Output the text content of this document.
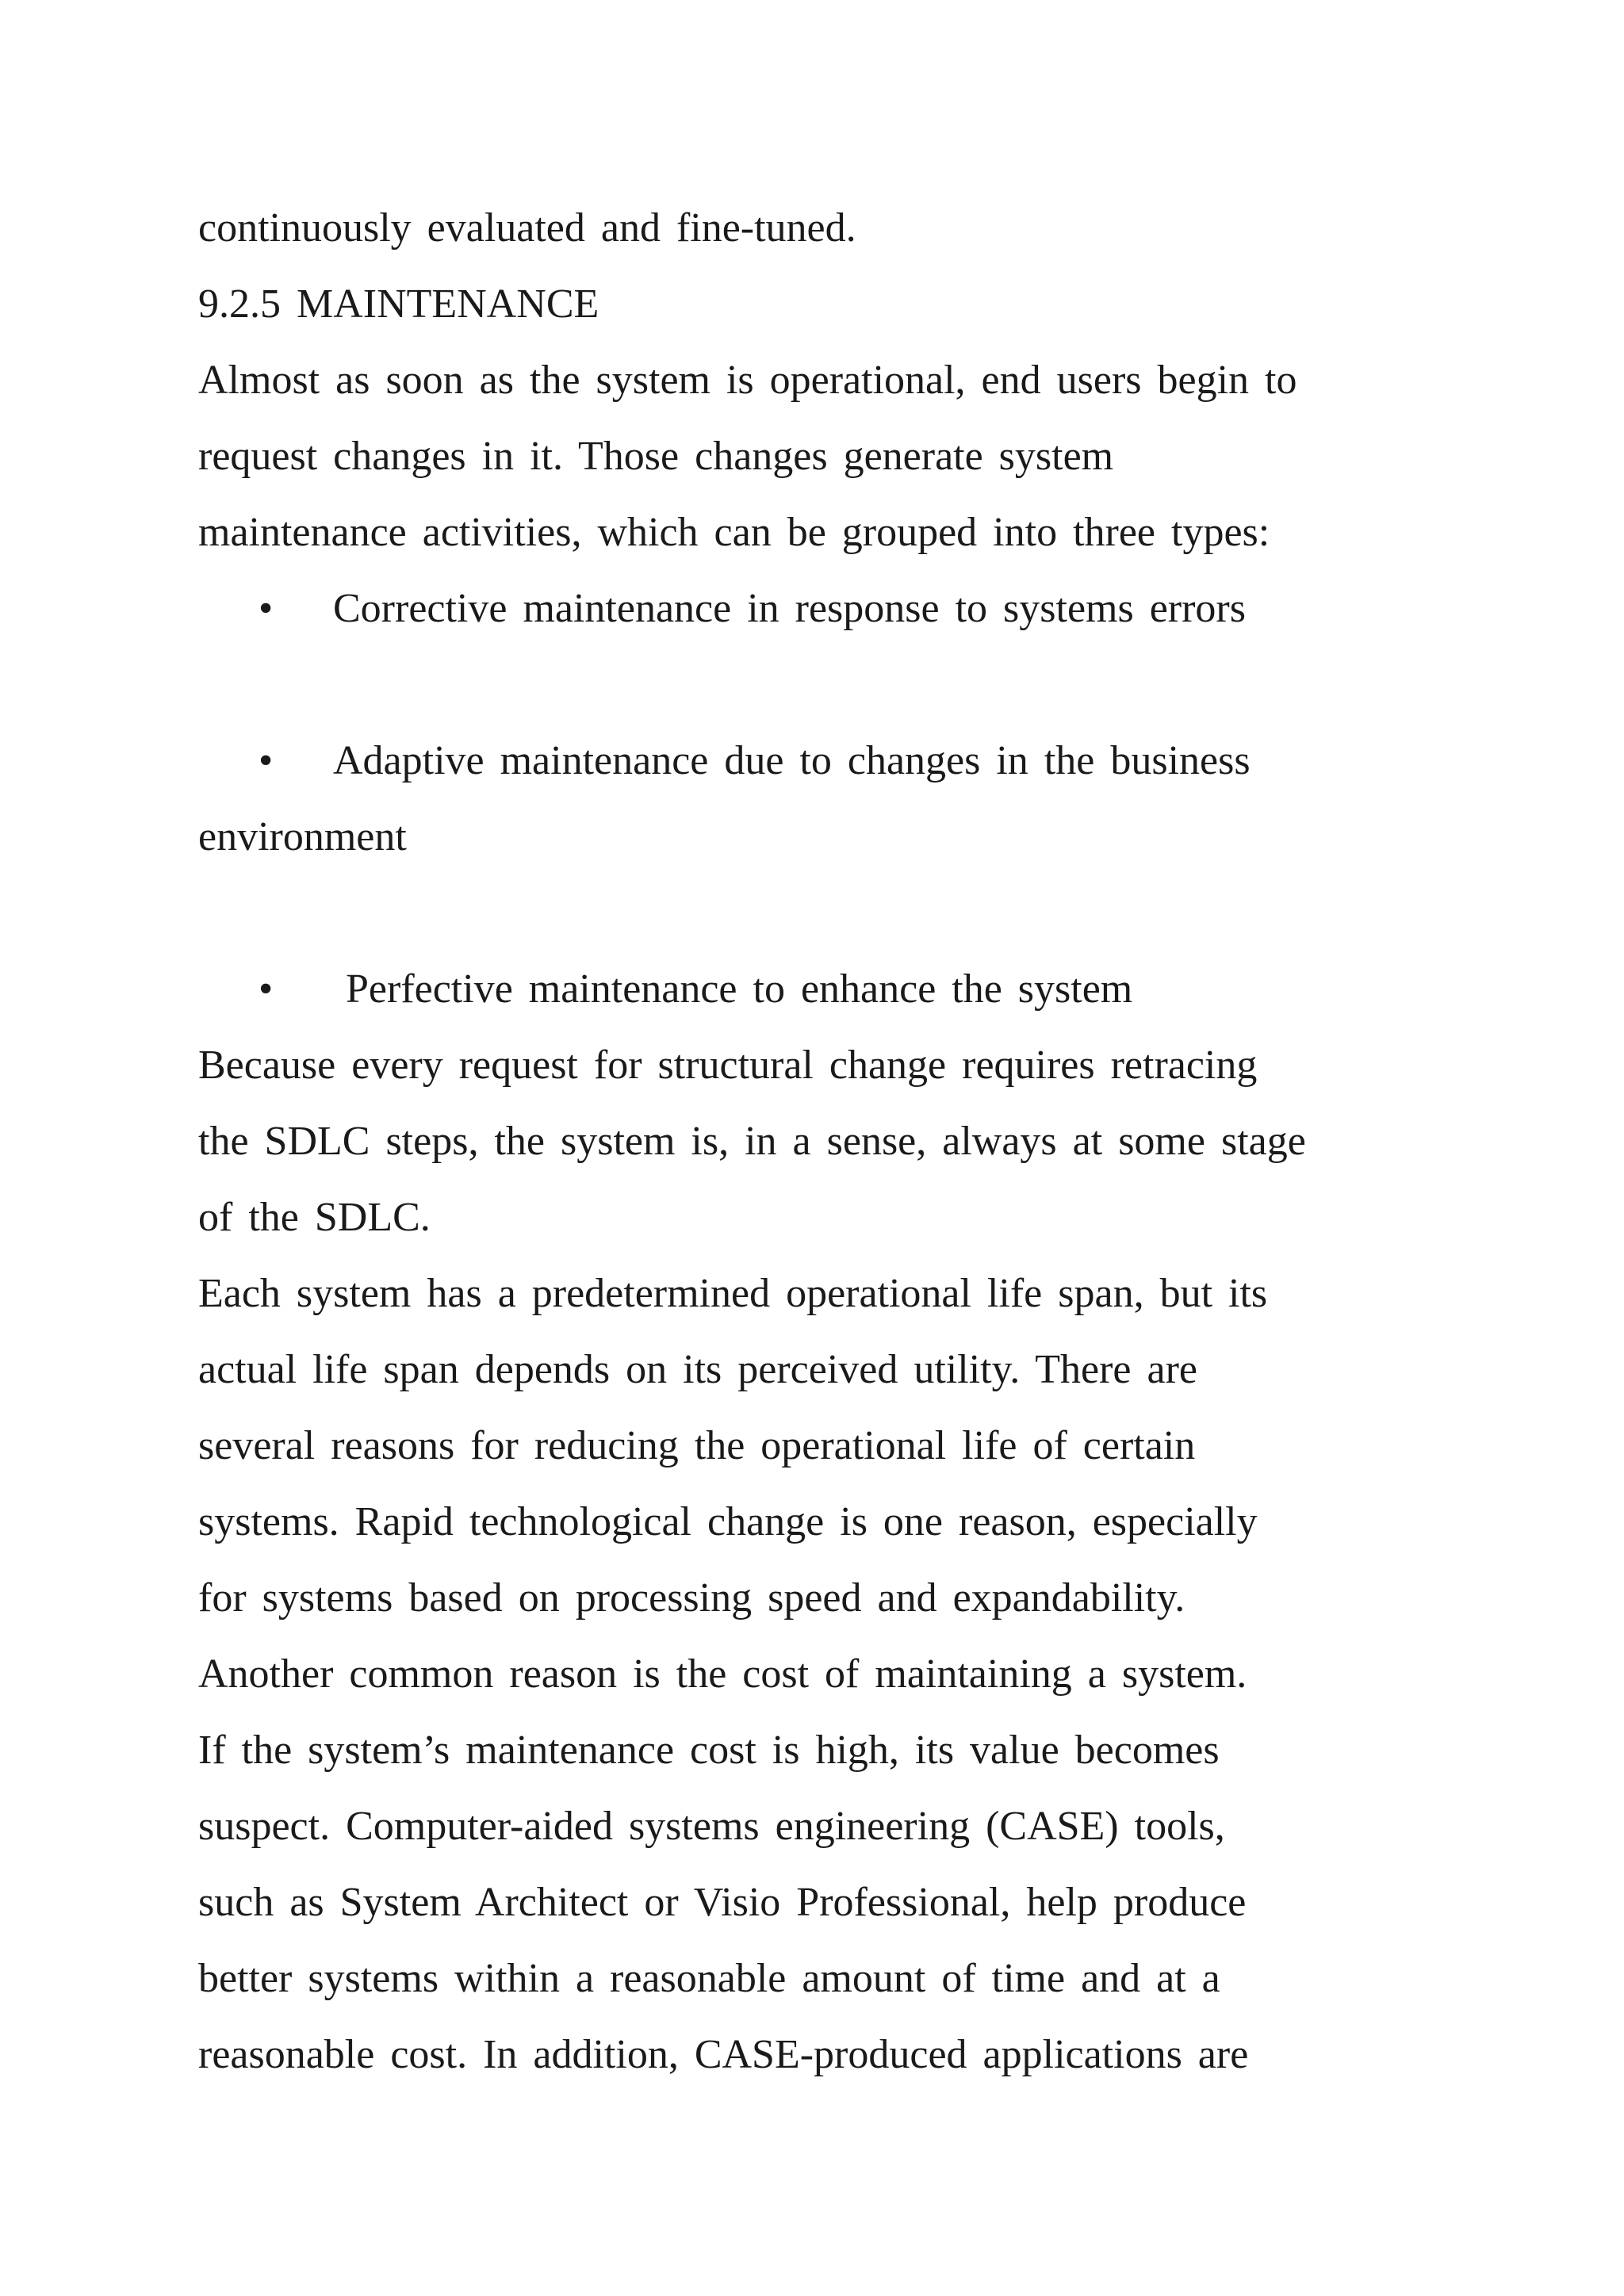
continuously evaluated and fine-tuned.
9.2.5 MAINTENANCE
Almost as soon as the system is operational, end users begin to
request changes in it. Those changes generate system
maintenance activities, which can be grouped into three types:
•	Corrective maintenance in response to systems errors
•	Adaptive maintenance due to changes in the business
environment
•	Perfective maintenance to enhance the system
Because every request for structural change requires retracing
the SDLC steps, the system is, in a sense, always at some stage
of the SDLC.
Each system has a predetermined operational life span, but its
actual life span depends on its perceived utility. There are
several reasons for reducing the operational life of certain
systems. Rapid technological change is one reason, especially
for systems based on processing speed and expandability.
Another common reason is the cost of maintaining a system.
If the system’s maintenance cost is high, its value becomes
suspect. Computer-aided systems engineering (CASE) tools,
such as System Architect or Visio Professional, help produce
better systems within a reasonable amount of time and at a
reasonable cost. In addition, CASE-produced applications are
